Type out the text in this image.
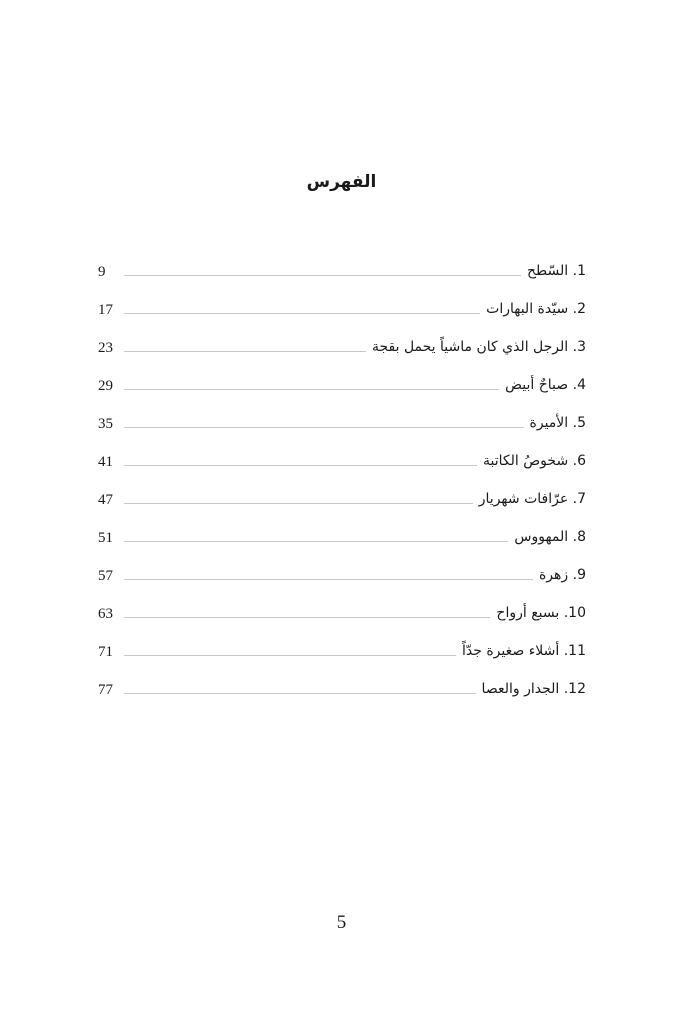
الفهرس
9	1. السّطح
17	2. سيّدة البهارات
23	3. الرجل الذي كان ماشياً يحمل بقجة
29	4. صباحٌ أبيض
35	5. الأميرة
41	6. شخوصُ الكاتبة
47	7. عرّافات شهريار
51	8. المهووس
57	9. زهرة
63	10. بسبع أرواح
71	11. أشلاء صغيرة جدّاً
77	12. الجدار والعصا
5
